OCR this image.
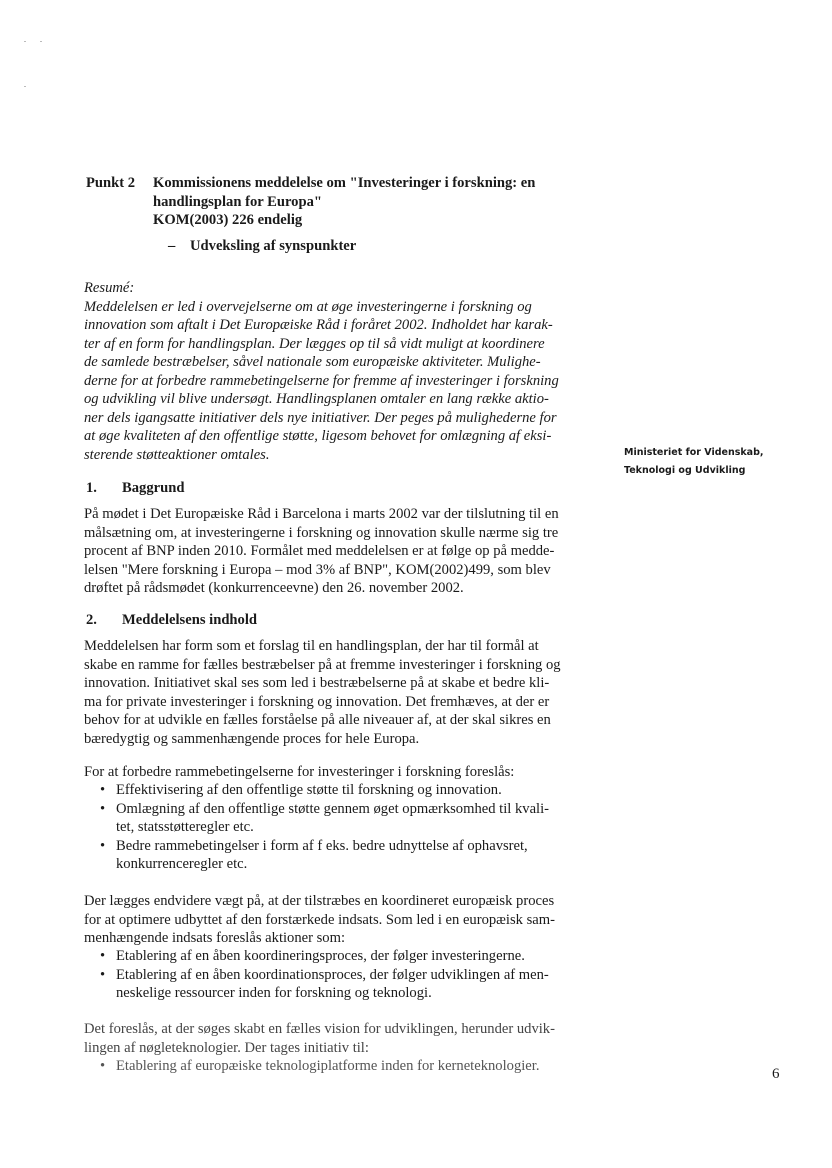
Punkt 2	Kommissionens meddelelse om "Investeringer i forskning: en
handlingsplan for Europa"
KOM(2003) 226 endelig
– Udveksling af synspunkter
Resumé:
Meddelelsen er led i overvejelserne om at øge investeringerne i forskning og
innovation som aftalt i Det Europæiske Råd i foråret 2002. Indholdet har karak-
ter af en form for handlingsplan. Der lægges op til så vidt muligt at koordinere
de samlede bestræbelser, såvel nationale som europæiske aktiviteter. Mulighe-
derne for at forbedre rammebetingelserne for fremme af investeringer i forskning
og udvikling vil blive undersøgt. Handlingsplanen omtaler en lang række aktio-
ner dels igangsatte initiativer dels nye initiativer. Der peges på mulighederne for
at øge kvaliteten af den offentlige støtte, ligesom behovet for omlægning af eksi-
sterende støtteaktioner omtales.	Ministeriet for Videnskab,
Teknologi og Udvikling
1. Baggrund
På mødet i Det Europæiske Råd i Barcelona i marts 2002 var der tilslutning til en
målsætning om, at investeringerne i forskning og innovation skulle nærme sig tre
procent af BNP inden 2010. Formålet med meddelelsen er at følge op på medde-
lelsen "Mere forskning i Europa – mod 3% af BNP", KOM(2002)499, som blev
drøftet på rådsmødet (konkurrenceevne) den 26. november 2002.
2. Meddelelsens indhold
Meddelelsen har form som et forslag til en handlingsplan, der har til formål at
skabe en ramme for fælles bestræbelser på at fremme investeringer i forskning og
innovation. Initiativet skal ses som led i bestræbelserne på at skabe et bedre kli-
ma for private investeringer i forskning og innovation. Det fremhæves, at der er
behov for at udvikle en fælles forståelse på alle niveauer af, at der skal sikres en
bæredygtig og sammenhængende proces for hele Europa.
For at forbedre rammebetingelserne for investeringer i forskning foreslås:
• Effektivisering af den offentlige støtte til forskning og innovation.
• Omlægning af den offentlige støtte gennem øget opmærksomhed til kvali-
tet, statsstøtteregler etc.
• Bedre rammebetingelser i form af f eks. bedre udnyttelse af ophavsret,
konkurrenceregler etc.
Der lægges endvidere vægt på, at der tilstræbes en koordineret europæisk proces
for at optimere udbyttet af den forstærkede indsats. Som led i en europæisk sam-
menhængende indsats foreslås aktioner som:
• Etablering af en åben koordineringsproces, der følger investeringerne.
• Etablering af en åben koordinationsproces, der følger udviklingen af men-
neskelige ressourcer inden for forskning og teknologi.
Det foreslås, at der søges skabt en fælles vision for udviklingen, herunder udvik-
lingen af nøgleteknologier. Der tages initiativ til:
• Etablering af europæiske teknologiplatforme inden for kerneteknologier.	6
